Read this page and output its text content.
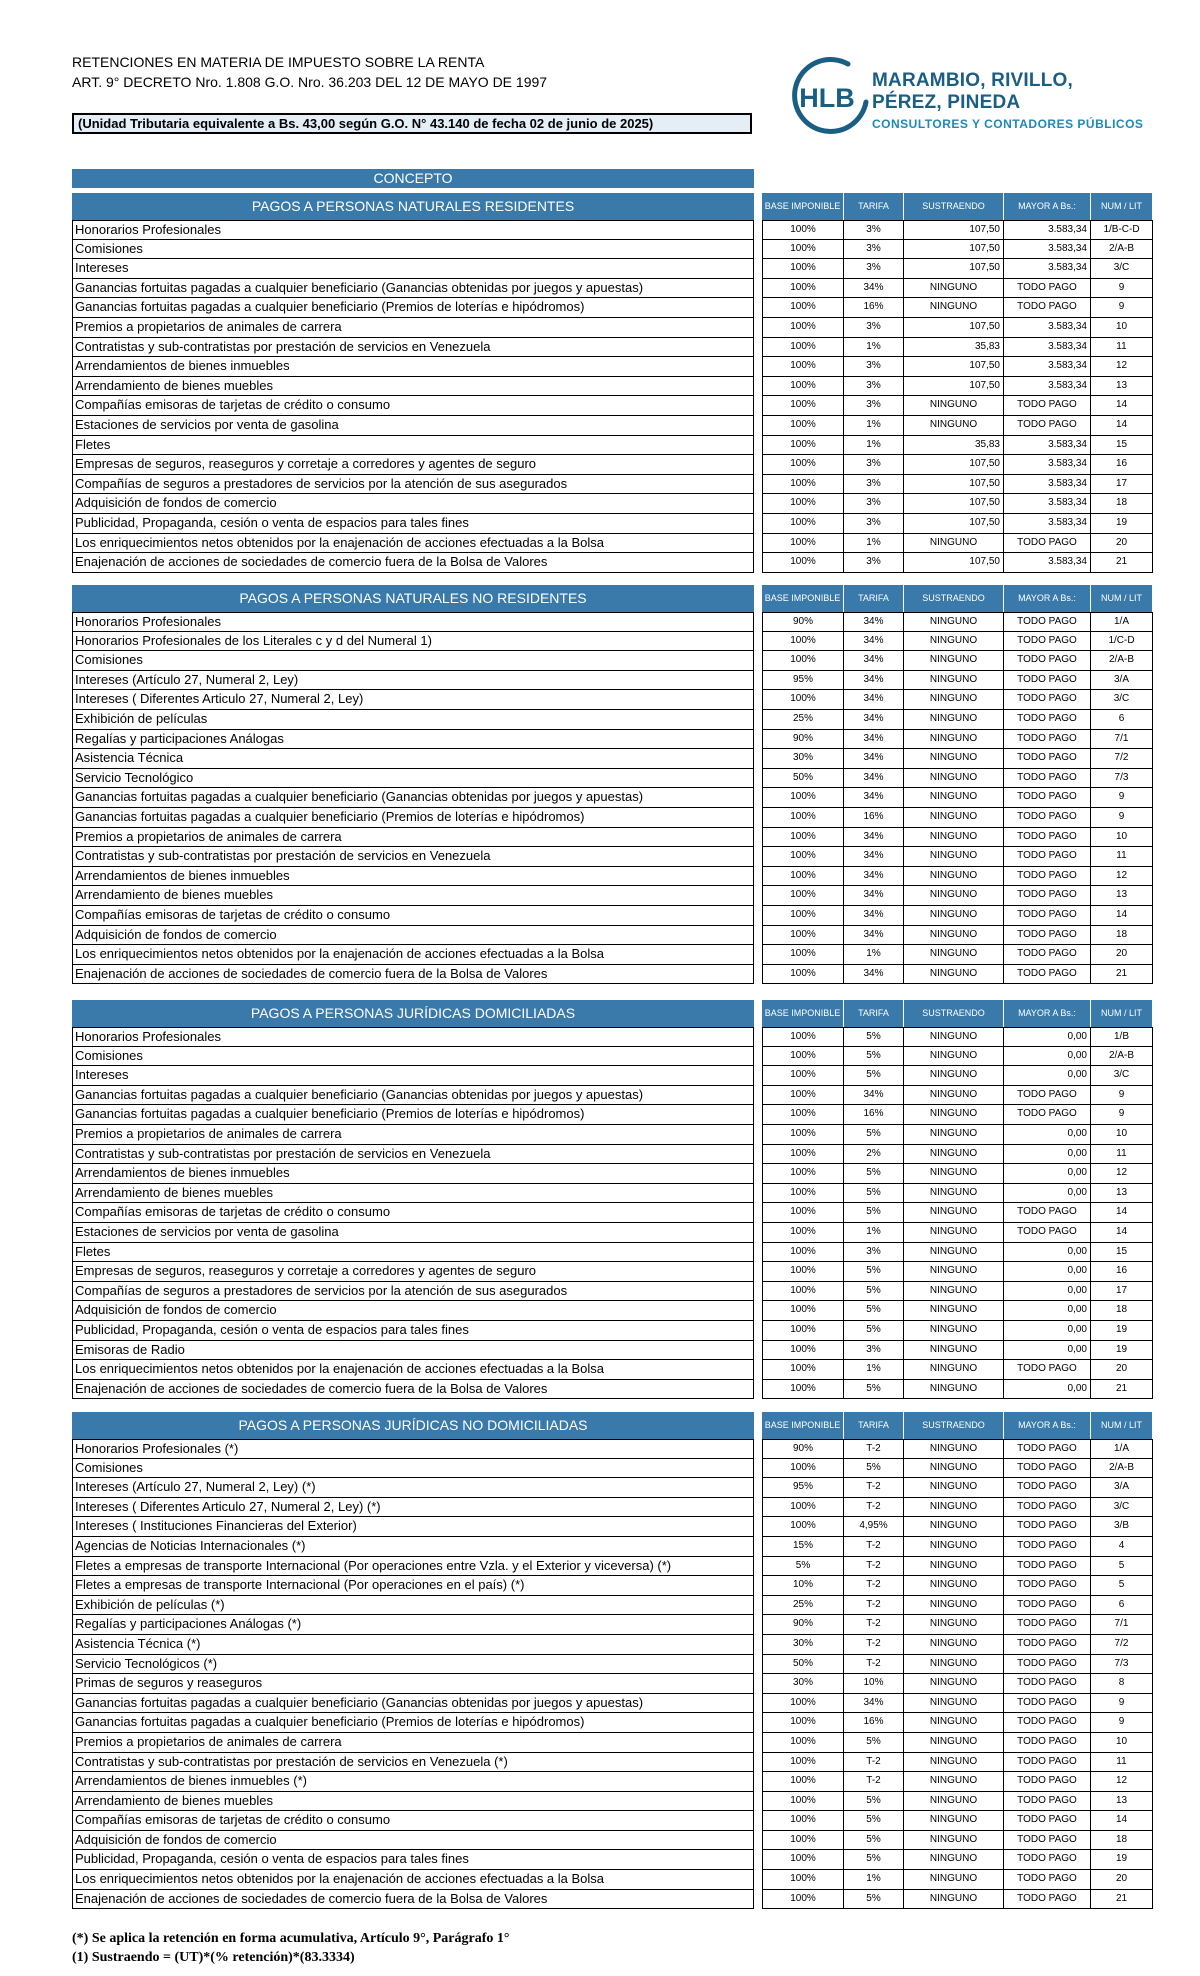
RETENCIONES EN MATERIA DE IMPUESTO SOBRE LA RENTA
ART. 9° DECRETO Nro. 1.808 G.O. Nro. 36.203 DEL 12 DE MAYO DE 1997
(Unidad Tributaria equivalente a Bs. 43,00 según G.O. N° 43.140 de fecha 02 de junio de 2025)
HLB
MARAMBIO, RIVILLO,
PÉREZ, PINEDA
CONSULTORES Y CONTADORES PÚBLICOS
CONCEPTO
PAGOS A PERSONAS NATURALES RESIDENTES	BASE IMPONIBLE	TARIFA	SUSTRAENDO	MAYOR A Bs.:	NUM / LIT
Honorarios Profesionales	100%	3%	107,50	3.583,34	1/B-C-D
Comisiones	100%	3%	107,50	3.583,34	2/A-B
Intereses	100%	3%	107,50	3.583,34	3/C
Ganancias fortuitas pagadas a cualquier beneficiario (Ganancias obtenidas por juegos y apuestas)	100%	34%	NINGUNO	TODO PAGO	9
Ganancias fortuitas pagadas a cualquier beneficiario (Premios de loterías e hipódromos)	100%	16%	NINGUNO	TODO PAGO	9
Premios a propietarios de animales de carrera	100%	3%	107,50	3.583,34	10
Contratistas y sub-contratistas por prestación de servicios en Venezuela	100%	1%	35,83	3.583,34	11
Arrendamientos de bienes inmuebles	100%	3%	107,50	3.583,34	12
Arrendamiento de bienes muebles	100%	3%	107,50	3.583,34	13
Compañías emisoras de tarjetas de crédito o consumo	100%	3%	NINGUNO	TODO PAGO	14
Estaciones de servicios por venta de gasolina	100%	1%	NINGUNO	TODO PAGO	14
Fletes	100%	1%	35,83	3.583,34	15
Empresas de seguros, reaseguros y corretaje a corredores y agentes de seguro	100%	3%	107,50	3.583,34	16
Compañías de seguros a prestadores de servicios por la atención de sus asegurados	100%	3%	107,50	3.583,34	17
Adquisición de fondos de comercio	100%	3%	107,50	3.583,34	18
Publicidad, Propaganda, cesión o venta de espacios para tales fines	100%	3%	107,50	3.583,34	19
Los enriquecimientos netos obtenidos por la enajenación de acciones efectuadas a la Bolsa	100%	1%	NINGUNO	TODO PAGO	20
Enajenación de acciones de sociedades de comercio fuera de la Bolsa de Valores	100%	3%	107,50	3.583,34	21
PAGOS A PERSONAS NATURALES NO RESIDENTES	BASE IMPONIBLE	TARIFA	SUSTRAENDO	MAYOR A Bs.:	NUM / LIT
Honorarios Profesionales	90%	34%	NINGUNO	TODO PAGO	1/A
Honorarios Profesionales de los Literales c y d del Numeral 1)	100%	34%	NINGUNO	TODO PAGO	1/C-D
Comisiones	100%	34%	NINGUNO	TODO PAGO	2/A-B
Intereses (Artículo 27, Numeral 2, Ley)	95%	34%	NINGUNO	TODO PAGO	3/A
Intereses ( Diferentes Articulo 27, Numeral 2, Ley)	100%	34%	NINGUNO	TODO PAGO	3/C
Exhibición de películas	25%	34%	NINGUNO	TODO PAGO	6
Regalías y participaciones Análogas	90%	34%	NINGUNO	TODO PAGO	7/1
Asistencia Técnica	30%	34%	NINGUNO	TODO PAGO	7/2
Servicio Tecnológico	50%	34%	NINGUNO	TODO PAGO	7/3
Ganancias fortuitas pagadas a cualquier beneficiario (Ganancias obtenidas por juegos y apuestas)	100%	34%	NINGUNO	TODO PAGO	9
Ganancias fortuitas pagadas a cualquier beneficiario (Premios de loterías e hipódromos)	100%	16%	NINGUNO	TODO PAGO	9
Premios a propietarios de animales de carrera	100%	34%	NINGUNO	TODO PAGO	10
Contratistas y sub-contratistas por prestación de servicios en Venezuela	100%	34%	NINGUNO	TODO PAGO	11
Arrendamientos de bienes inmuebles	100%	34%	NINGUNO	TODO PAGO	12
Arrendamiento de bienes muebles	100%	34%	NINGUNO	TODO PAGO	13
Compañías emisoras de tarjetas de crédito o consumo	100%	34%	NINGUNO	TODO PAGO	14
Adquisición de fondos de comercio	100%	34%	NINGUNO	TODO PAGO	18
Los enriquecimientos netos obtenidos por la enajenación de acciones efectuadas a la Bolsa	100%	1%	NINGUNO	TODO PAGO	20
Enajenación de acciones de sociedades de comercio fuera de la Bolsa de Valores	100%	34%	NINGUNO	TODO PAGO	21
PAGOS A PERSONAS JURÍDICAS DOMICILIADAS	BASE IMPONIBLE	TARIFA	SUSTRAENDO	MAYOR A Bs.:	NUM / LIT
Honorarios Profesionales	100%	5%	NINGUNO	0,00	1/B
Comisiones	100%	5%	NINGUNO	0,00	2/A-B
Intereses	100%	5%	NINGUNO	0,00	3/C
Ganancias fortuitas pagadas a cualquier beneficiario (Ganancias obtenidas por juegos y apuestas)	100%	34%	NINGUNO	TODO PAGO	9
Ganancias fortuitas pagadas a cualquier beneficiario (Premios de loterías e hipódromos)	100%	16%	NINGUNO	TODO PAGO	9
Premios a propietarios de animales de carrera	100%	5%	NINGUNO	0,00	10
Contratistas y sub-contratistas por prestación de servicios en Venezuela	100%	2%	NINGUNO	0,00	11
Arrendamientos de bienes inmuebles	100%	5%	NINGUNO	0,00	12
Arrendamiento de bienes muebles	100%	5%	NINGUNO	0,00	13
Compañías emisoras de tarjetas de crédito o consumo	100%	5%	NINGUNO	TODO PAGO	14
Estaciones de servicios por venta de gasolina	100%	1%	NINGUNO	TODO PAGO	14
Fletes	100%	3%	NINGUNO	0,00	15
Empresas de seguros, reaseguros y corretaje a corredores y agentes de seguro	100%	5%	NINGUNO	0,00	16
Compañías de seguros a prestadores de servicios por la atención de sus asegurados	100%	5%	NINGUNO	0,00	17
Adquisición de fondos de comercio	100%	5%	NINGUNO	0,00	18
Publicidad, Propaganda, cesión o venta de espacios para tales fines	100%	5%	NINGUNO	0,00	19
Emisoras de Radio	100%	3%	NINGUNO	0,00	19
Los enriquecimientos netos obtenidos por la enajenación de acciones efectuadas a la Bolsa	100%	1%	NINGUNO	TODO PAGO	20
Enajenación de acciones de sociedades de comercio fuera de la Bolsa de Valores	100%	5%	NINGUNO	0,00	21
PAGOS A PERSONAS JURÍDICAS NO DOMICILIADAS	BASE IMPONIBLE	TARIFA	SUSTRAENDO	MAYOR A Bs.:	NUM / LIT
Honorarios Profesionales (*)	90%	T-2	NINGUNO	TODO PAGO	1/A
Comisiones	100%	5%	NINGUNO	TODO PAGO	2/A-B
Intereses (Artículo 27, Numeral 2, Ley) (*)	95%	T-2	NINGUNO	TODO PAGO	3/A
Intereses ( Diferentes Articulo 27, Numeral 2, Ley) (*)	100%	T-2	NINGUNO	TODO PAGO	3/C
Intereses ( Instituciones Financieras del Exterior)	100%	4,95%	NINGUNO	TODO PAGO	3/B
Agencias de Noticias Internacionales (*)	15%	T-2	NINGUNO	TODO PAGO	4
Fletes a empresas de transporte Internacional (Por operaciones entre Vzla. y el Exterior y viceversa) (*)	5%	T-2	NINGUNO	TODO PAGO	5
Fletes a empresas de transporte Internacional (Por operaciones en el país) (*)	10%	T-2	NINGUNO	TODO PAGO	5
Exhibición de películas (*)	25%	T-2	NINGUNO	TODO PAGO	6
Regalías y participaciones Análogas (*)	90%	T-2	NINGUNO	TODO PAGO	7/1
Asistencia Técnica (*)	30%	T-2	NINGUNO	TODO PAGO	7/2
Servicio Tecnológicos (*)	50%	T-2	NINGUNO	TODO PAGO	7/3
Primas de seguros y reaseguros	30%	10%	NINGUNO	TODO PAGO	8
Ganancias fortuitas pagadas a cualquier beneficiario (Ganancias obtenidas por juegos y apuestas)	100%	34%	NINGUNO	TODO PAGO	9
Ganancias fortuitas pagadas a cualquier beneficiario (Premios de loterías e hipódromos)	100%	16%	NINGUNO	TODO PAGO	9
Premios a propietarios de animales de carrera	100%	5%	NINGUNO	TODO PAGO	10
Contratistas y sub-contratistas por prestación de servicios en Venezuela (*)	100%	T-2	NINGUNO	TODO PAGO	11
Arrendamientos de bienes inmuebles (*)	100%	T-2	NINGUNO	TODO PAGO	12
Arrendamiento de bienes muebles	100%	5%	NINGUNO	TODO PAGO	13
Compañías emisoras de tarjetas de crédito o consumo	100%	5%	NINGUNO	TODO PAGO	14
Adquisición de fondos de comercio	100%	5%	NINGUNO	TODO PAGO	18
Publicidad, Propaganda, cesión o venta de espacios para tales fines	100%	5%	NINGUNO	TODO PAGO	19
Los enriquecimientos netos obtenidos por la enajenación de acciones efectuadas a la Bolsa	100%	1%	NINGUNO	TODO PAGO	20
Enajenación de acciones de sociedades de comercio fuera de la Bolsa de Valores	100%	5%	NINGUNO	TODO PAGO	21
(*) Se aplica la retención en forma acumulativa, Artículo 9°, Parágrafo 1°
(1) Sustraendo = (UT)*(% retención)*(83.3334)
